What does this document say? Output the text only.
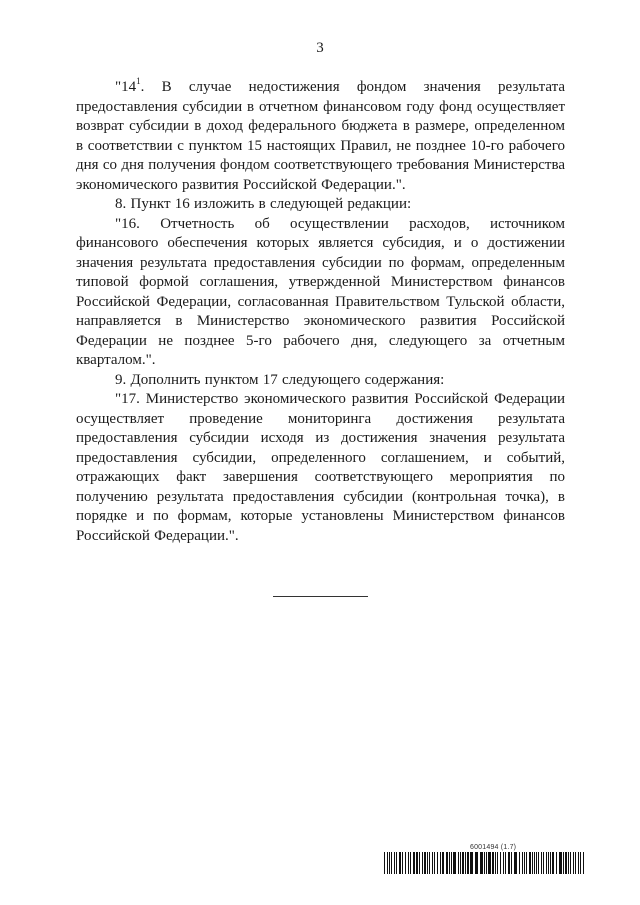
3

"$14^1$. В случае недостижения фондом значения результата предоставления субсидии в отчетном финансовом году фонд осуществляет возврат субсидии в доход федерального бюджета в размере, определенном в соответствии с пунктом 15 настоящих Правил, не позднее 10-го рабочего дня со дня получения фондом соответствующего требования Министерства экономического развития Российской Федерации.".

8. Пункт 16 изложить в следующей редакции:

"16. Отчетность об осуществлении расходов, источником финансового обеспечения которых является субсидия, и о достижении значения результата предоставления субсидии по формам, определенным типовой формой соглашения, утвержденной Министерством финансов Российской Федерации, согласованная Правительством Тульской области, направляется в Министерство экономического развития Российской Федерации не позднее 5-го рабочего дня, следующего за отчетным кварталом.".

9. Дополнить пунктом 17 следующего содержания:

"17. Министерство экономического развития Российской Федерации осуществляет проведение мониторинга достижения результата предоставления субсидии исходя из достижения значения результата предоставления субсидии, определенного соглашением, и событий, отражающих факт завершения соответствующего мероприятия по получению результата предоставления субсидии (контрольная точка), в порядке и по формам, которые установлены Министерством финансов Российской Федерации.".

6001494 (1.7)
